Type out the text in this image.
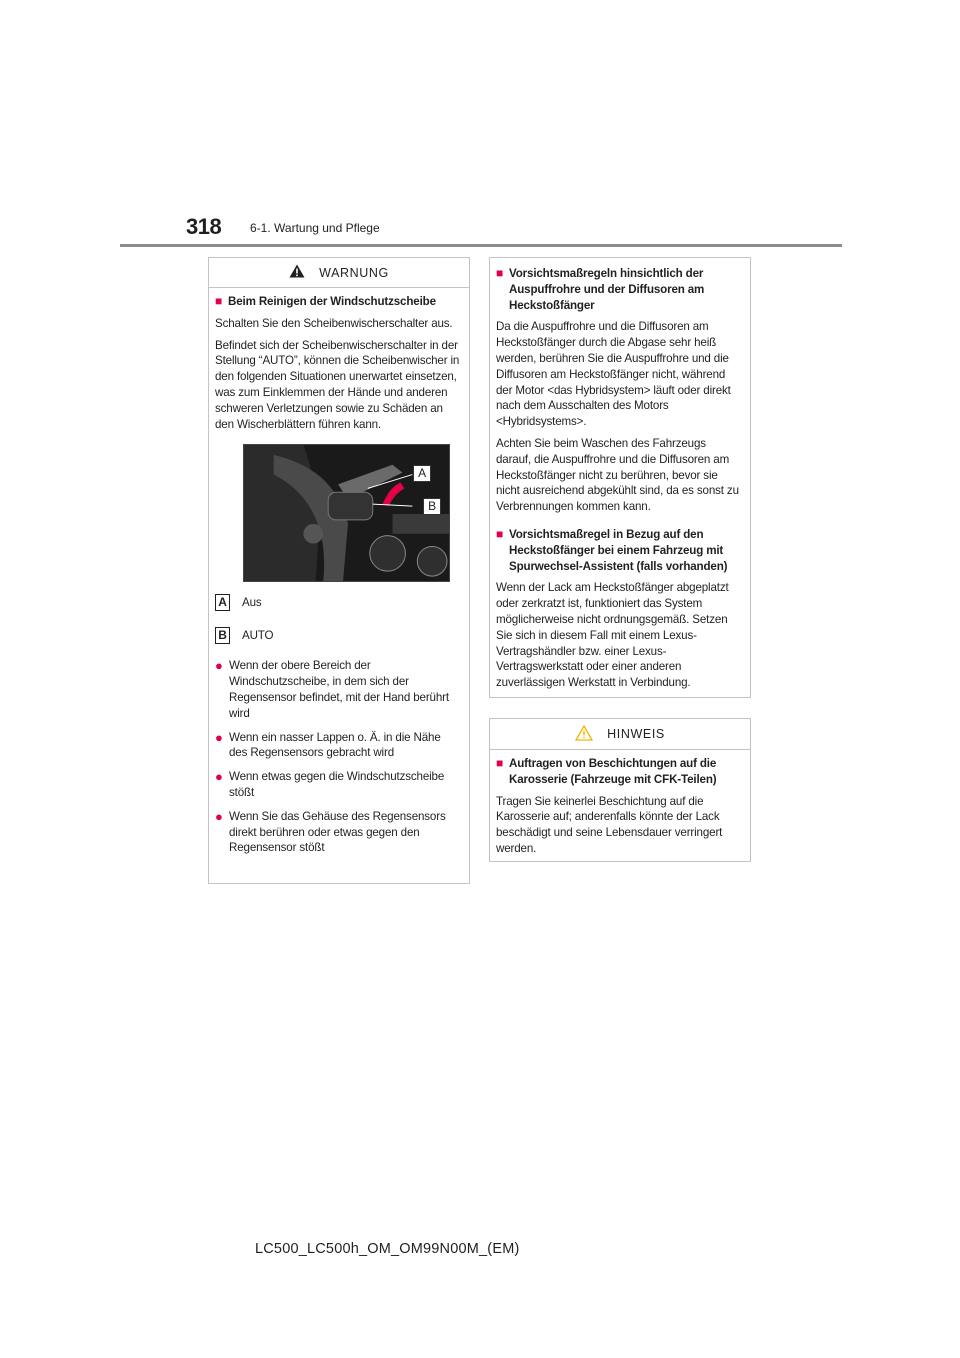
318 6-1. Wartung und Pflege
WARNUNG
■ Beim Reinigen der Windschutzscheibe
Schalten Sie den Scheibenwischerschalter aus.
Befindet sich der Scheibenwischerschalter in der Stellung “AUTO”, können die Scheibenwischer in den folgenden Situationen unerwartet einsetzen, was zum Einklemmen der Hände und anderen schweren Verletzungen sowie zu Schäden an den Wischerblättern führen kann.
A
B
A Aus
B AUTO
● Wenn der obere Bereich der Windschutzscheibe, in dem sich der Regensensor befindet, mit der Hand berührt wird
● Wenn ein nasser Lappen o. Ä. in die Nähe des Regensensors gebracht wird
● Wenn etwas gegen die Windschutzscheibe stößt
● Wenn Sie das Gehäuse des Regensensors direkt berühren oder etwas gegen den Regensensor stößt
■ Vorsichtsmaßregeln hinsichtlich der Auspuffrohre und der Diffusoren am Heckstoßfänger
Da die Auspuffrohre und die Diffusoren am Heckstoßfänger durch die Abgase sehr heiß werden, berühren Sie die Auspuffrohre und die Diffusoren am Heckstoßfänger nicht, während der Motor <das Hybridsystem> läuft oder direkt nach dem Ausschalten des Motors <Hybridsystems>.
Achten Sie beim Waschen des Fahrzeugs darauf, die Auspuffrohre und die Diffusoren am Heckstoßfänger nicht zu berühren, bevor sie nicht ausreichend abgekühlt sind, da es sonst zu Verbrennungen kommen kann.
■ Vorsichtsmaßregel in Bezug auf den Heckstoßfänger bei einem Fahrzeug mit Spurwechsel-Assistent (falls vorhanden)
Wenn der Lack am Heckstoßfänger abgeplatzt oder zerkratzt ist, funktioniert das System möglicherweise nicht ordnungsgemäß. Setzen Sie sich in diesem Fall mit einem Lexus-Vertragshändler bzw. einer Lexus-Vertragswerkstatt oder einer anderen zuverlässigen Werkstatt in Verbindung.
HINWEIS
■ Auftragen von Beschichtungen auf die Karosserie (Fahrzeuge mit CFK-Teilen)
Tragen Sie keinerlei Beschichtung auf die Karosserie auf; anderenfalls könnte der Lack beschädigt und seine Lebensdauer verringert werden.
LC500_LC500h_OM_OM99N00M_(EM)
